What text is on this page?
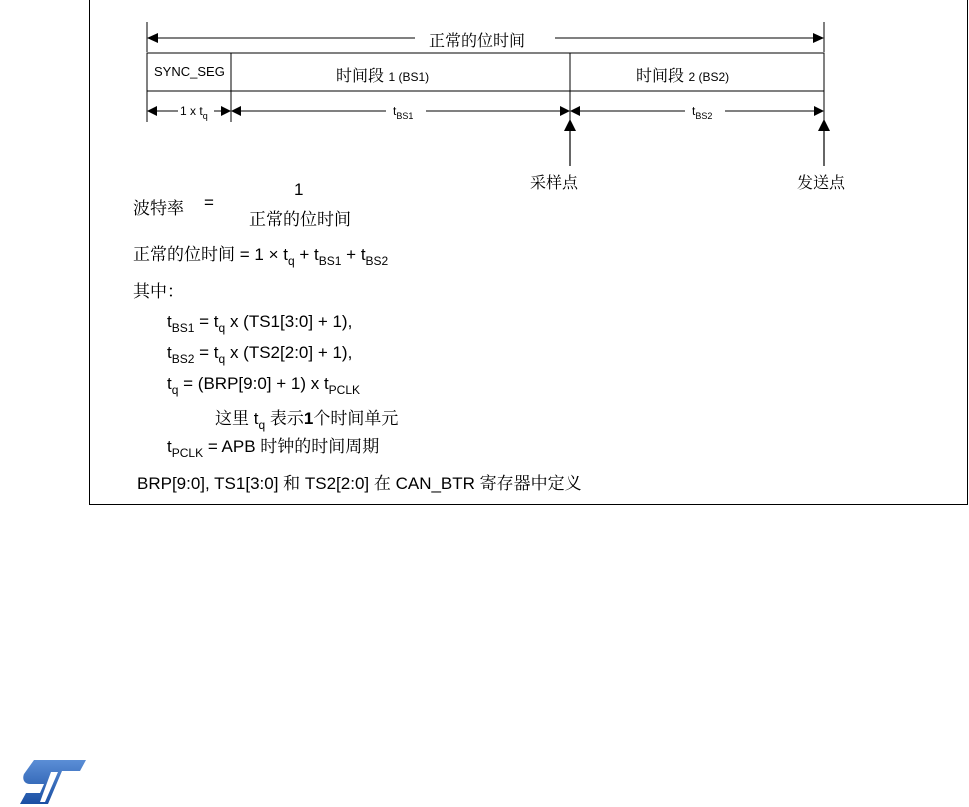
正常的位时间
SYNC_SEG	时间段 1 (BS1)	时间段 2 (BS2)
1 x $t_q$	$t_{BS1}$	$t_{BS2}$
采样点	发送点
波特率 =
1
正常的位时间
正常的位时间 = $1 \times t_q + t_{BS1} + t_{BS2}$
其中：
$t_{BS1} = t_q$ x (TS1[3:0] + 1),
$t_{BS2} = t_q$ x (TS2[2:0] + 1),
$t_q$ = (BRP[9:0] + 1) x $t_{PCLK}$
这里 $t_q$ 表示1个时间单元
$t_{PCLK}$ = APB 时钟的时间周期
BRP[9:0], TS1[3:0] 和 TS2[2:0] 在 CAN_BTR 寄存器中定义
